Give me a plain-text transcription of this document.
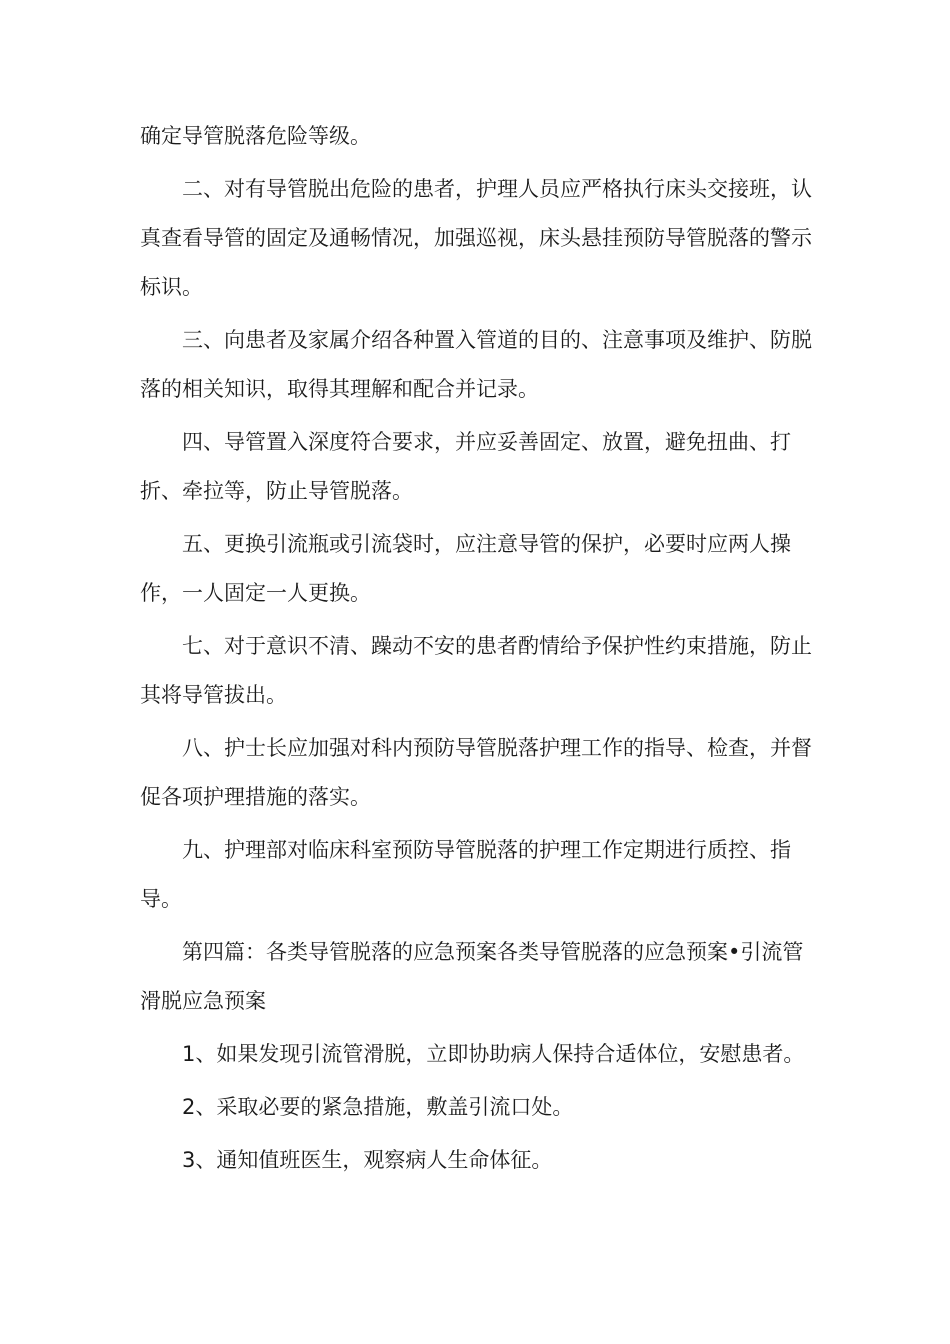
确定导管脱落危险等级。

二、对有导管脱出危险的患者，护理人员应严格执行床头交接班，认真查看导管的固定及通畅情况，加强巡视，床头悬挂预防导管脱落的警示标识。

三、向患者及家属介绍各种置入管道的目的、注意事项及维护、防脱落的相关知识，取得其理解和配合并记录。

四、导管置入深度符合要求，并应妥善固定、放置，避免扭曲、打折、牵拉等，防止导管脱落。

五、更换引流瓶或引流袋时，应注意导管的保护，必要时应两人操作，一人固定一人更换。

七、对于意识不清、躁动不安的患者酌情给予保护性约束措施，防止其将导管拔出。

八、护士长应加强对科内预防导管脱落护理工作的指导、检查，并督促各项护理措施的落实。

九、护理部对临床科室预防导管脱落的护理工作定期进行质控、指导。

第四篇：各类导管脱落的应急预案各类导管脱落的应急预案•引流管滑脱应急预案

1、如果发现引流管滑脱，立即协助病人保持合适体位，安慰患者。

2、采取必要的紧急措施，敷盖引流口处。

3、通知值班医生，观察病人生命体征。
